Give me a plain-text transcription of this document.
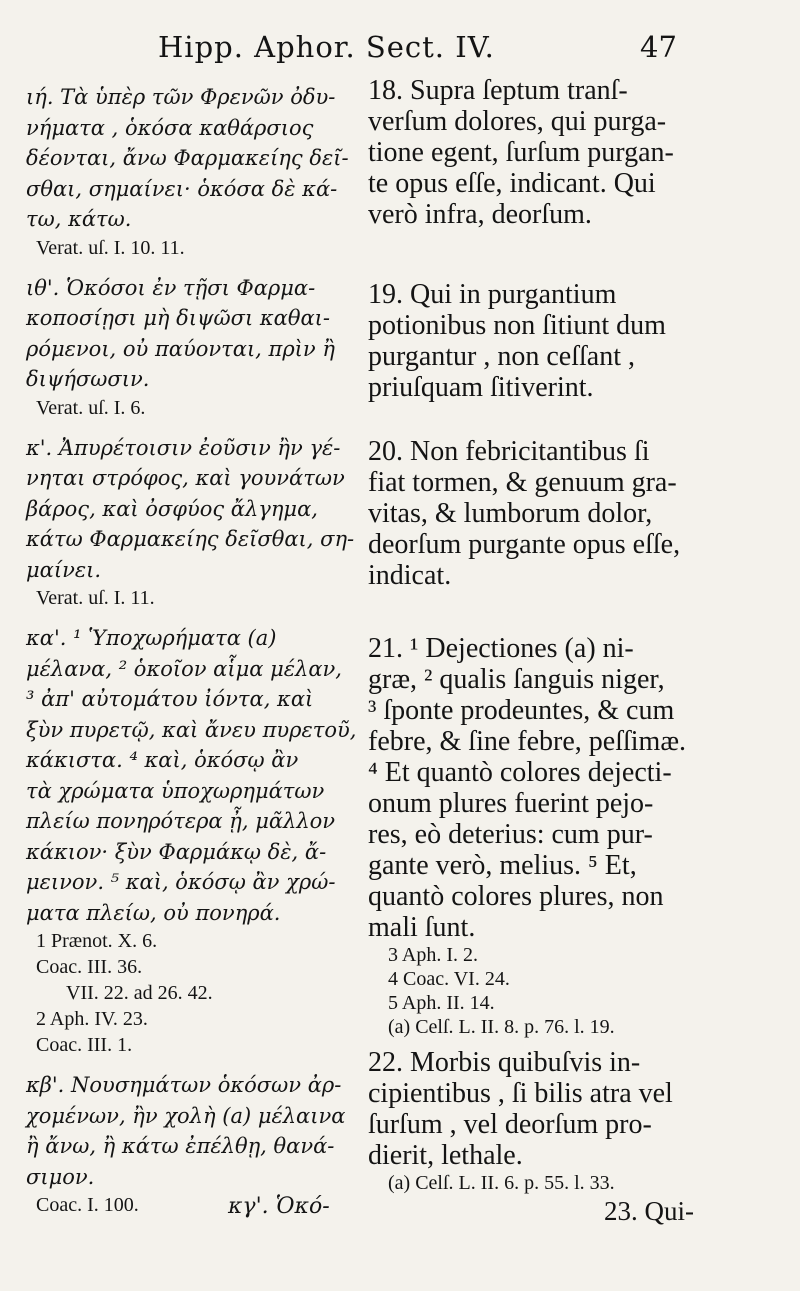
Hipp. Aphor. Sect. IV.	47
ιή. Τὰ ὑπὲρ τῶν Φρενῶν ὀδυ-
νήματα , ὁκόσα καθάρσιος
δέονται, ἄνω Φαρμακείης δεῖ-
σθαι, σημαίνει· ὁκόσα δὲ κά-
τω, κάτω.
Verat. uſ. I. 10. 11.
ιθ'. Ὁκόσοι ἐν τῇσι Φαρμα-
κοποσίῃσι μὴ διψῶσι καθαι-
ρόμενοι, οὐ παύονται, πρὶν ἢ
διψήσωσιν.
Verat. uſ. I. 6.
κ'. Ἀπυρέτοισιν ἐοῦσιν ἢν γέ-
νηται στρόφος, καὶ γουνάτων
βάρος, καὶ ὀσφύος ἄλγημα,
κάτω Φαρμακείης δεῖσθαι, ση-
μαίνει.
Verat. uſ. I. 11.
κα'. ¹ Ὑποχωρήματα (a)
μέλανα, ² ὁκοῖον αἷμα μέλαν,
³ ἀπ' αὐτομάτου ἰόντα, καὶ
ξὺν πυρετῷ, καὶ ἄνευ πυρετοῦ,
κάκιστα. ⁴ καὶ, ὁκόσῳ ἂν
τὰ χρώματα ὑποχωρημάτων
πλείω πονηρότερα ᾖ, μᾶλλον
κάκιον· ξὺν Φαρμάκῳ δὲ, ἄ-
μεινον. ⁵ καὶ, ὁκόσῳ ἂν χρώ-
ματα πλείω, οὐ πονηρά.
1 Prænot. X. 6.
Coac. III. 36.
VII. 22. ad 26. 42.
2 Aph. IV. 23.
Coac. III. 1.
κβ'. Νουσημάτων ὁκόσων ἀρ-
χομένων, ἢν χολὴ (a) μέλαινα
ἢ ἄνω, ἢ κάτω ἐπέλθῃ, θανά-
σιμον.
Coac. I. 100.
18. Supra ſeptum tranſ-
verſum dolores, qui purga-
tione egent, ſurſum purgan-
te opus eſſe, indicant. Qui
verò infra, deorſum.
19. Qui in purgantium
potionibus non ſitiunt dum
purgantur , non ceſſant ,
priuſquam ſitiverint.
20. Non febricitantibus ſi
fiat tormen, & genuum gra-
vitas, & lumborum dolor,
deorſum purgante opus eſſe,
indicat.
21. ¹ Dejectiones (a) ni-
græ, ² qualis ſanguis niger,
³ ſponte prodeuntes, & cum
febre, & ſine febre, peſſimæ.
⁴ Et quantò colores dejecti-
onum plures fuerint pejo-
res, eò deterius: cum pur-
gante verò, melius. ⁵ Et,
quantò colores plures, non
mali ſunt.
3 Aph. I. 2.
4 Coac. VI. 24.
5 Aph. II. 14.
(a) Celſ. L. II. 8. p. 76. l. 19.
22. Morbis quibuſvis in-
cipientibus , ſi bilis atra vel
ſurſum , vel deorſum pro-
dierit, lethale.
(a) Celſ. L. II. 6. p. 55. l. 33.
κγ'. Ὁκό-	23. Qui-
